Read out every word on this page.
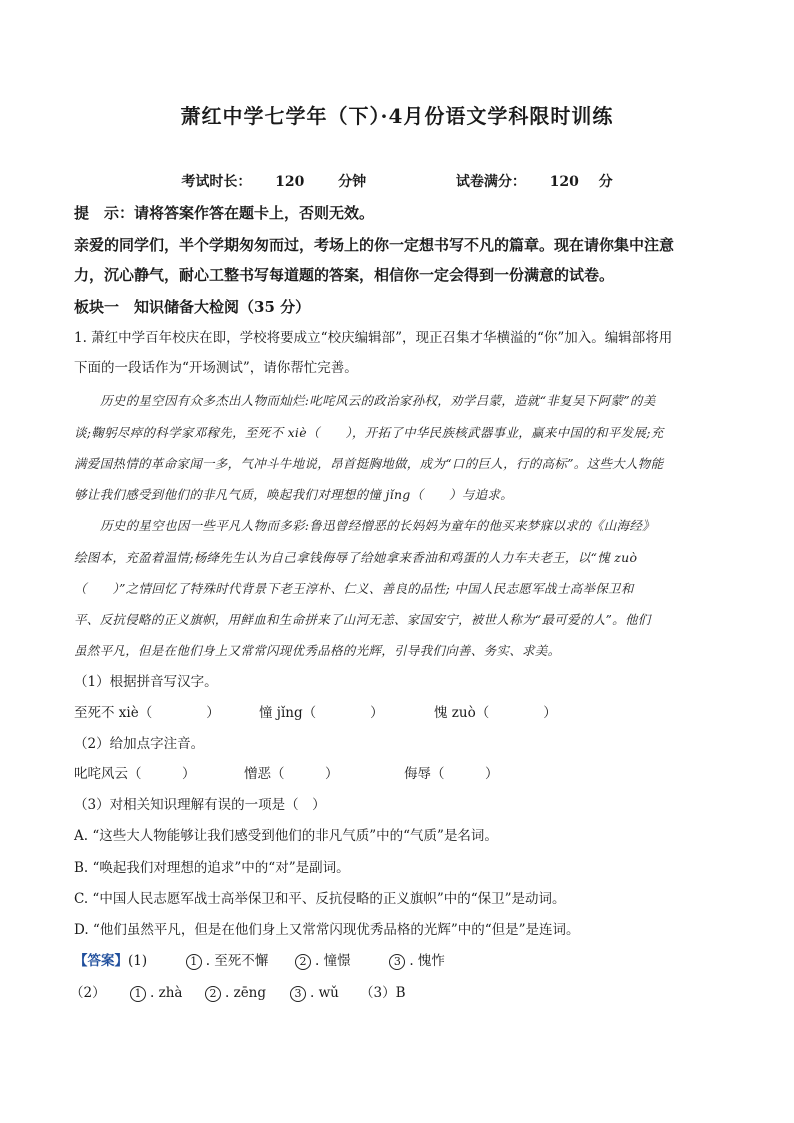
萧红中学七学年（下）·4月份语文学科限时训练
考试时长： 120 分钟	试卷满分： 120 分
提　示：请将答案作答在题卡上，否则无效。
亲爱的同学们，半个学期匆匆而过，考场上的你一定想书写不凡的篇章。现在请你集中注意
力，沉心静气，耐心工整书写每道题的答案，相信你一定会得到一份满意的试卷。
板块一　知识储备大检阅（35 分）
1. 萧红中学百年校庆在即，学校将要成立“校庆编辑部”，现正召集才华横溢的“你”加入。编辑部将用
下面的一段话作为“开场测试”，请你帮忙完善。
历史的星空因有众多杰出人物而灿烂:叱咤风云的政治家孙权，劝学吕蒙，造就“非复吴下阿蒙”的美
谈;鞠躬尽瘁的科学家邓稼先，至死不 xiè（　　），开拓了中华民族核武器事业，赢来中国的和平发展;充
满爱国热情的革命家闻一多，气冲斗牛地说，昂首挺胸地做，成为“口的巨人，行的高标”。这些大人物能
够让我们感受到他们的非凡气质，唤起我们对理想的憧 jǐng（　　）与追求。
历史的星空也因一些平凡人物而多彩:鲁迅曾经憎恶的长妈妈为童年的他买来梦寐以求的《山海经》
绘图本，充盈着温情;杨绛先生认为自己拿钱侮辱了给她拿来香油和鸡蛋的人力车夫老王，以“愧 zuò
（　　）”之情回忆了特殊时代背景下老王淳朴、仁义、善良的品性; 中国人民志愿军战士高举保卫和
平、反抗侵略的正义旗帜，用鲜血和生命拼来了山河无恙、家国安宁，被世人称为“最可爱的人”。他们
虽然平凡，但是在他们身上又常常闪现优秀品格的光辉，引导我们向善、务实、求美。
（1）根据拼音写汉字。
至死不 xiè（　　　　）	憧 jǐng（　　　　）	愧 zuò（　　　　）
（2）给加点字注音。
叱咤风云（　　　）	憎恶（　　　）	侮辱（　　　）
（3）对相关知识理解有误的一项是（　）
A. “这些大人物能够让我们感受到他们的非凡气质”中的“气质”是名词。
B. “唤起我们对理想的追求”中的“对”是副词。
C. “中国人民志愿军战士高举保卫和平、反抗侵略的正义旗帜”中的“保卫”是动词。
D. “他们虽然平凡，但是在他们身上又常常闪现优秀品格的光辉”中的“但是”是连词。
【答案】(1)	1 . 至死不懈	2 . 憧憬	3 . 愧怍
（2）	1 . zhà 2 . zēng	3 . wǔ （3）B
